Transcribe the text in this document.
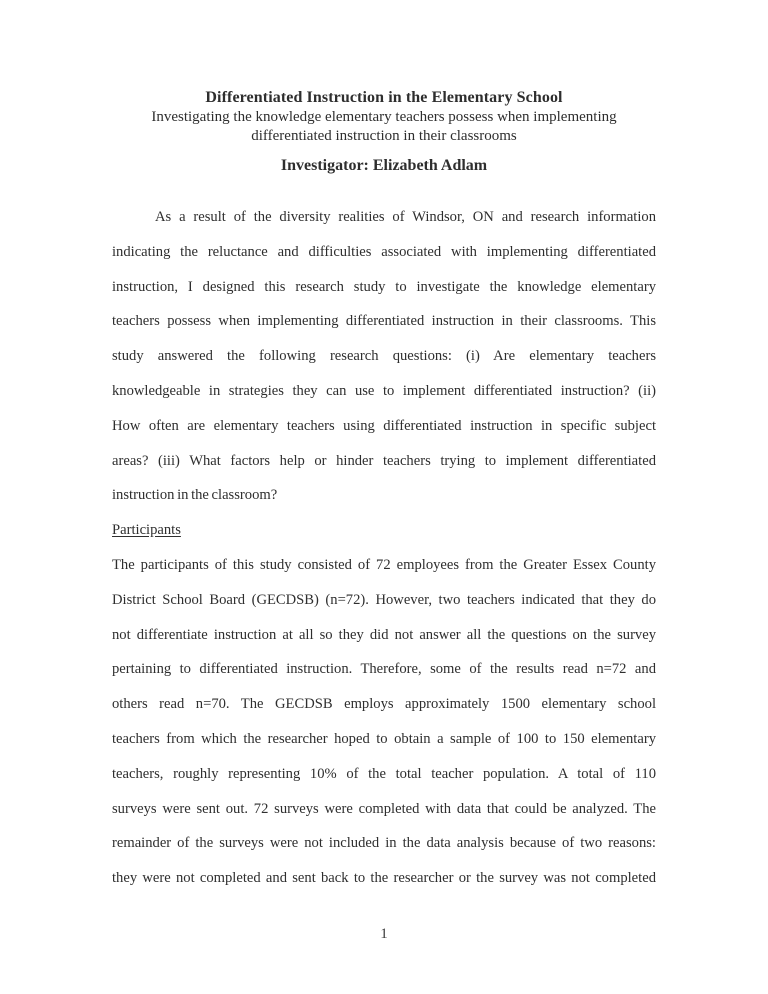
Differentiated Instruction in the Elementary School
Investigating the knowledge elementary teachers possess when implementing
differentiated instruction in their classrooms
Investigator: Elizabeth Adlam
As a result of the diversity realities of Windsor, ON and research information
indicating the reluctance and difficulties associated with implementing differentiated
instruction, I designed this research study to investigate the knowledge elementary
teachers possess when implementing differentiated instruction in their classrooms. This
study answered the following research questions: (i) Are elementary teachers
knowledgeable in strategies they can use to implement differentiated instruction? (ii)
How often are elementary teachers using differentiated instruction in specific subject
areas? (iii) What factors help or hinder teachers trying to implement differentiated
instruction in the classroom?
Participants
The participants of this study consisted of 72 employees from the Greater Essex County
District School Board (GECDSB) (n=72). However, two teachers indicated that they do
not differentiate instruction at all so they did not answer all the questions on the survey
pertaining to differentiated instruction. Therefore, some of the results read n=72 and
others read n=70. The GECDSB employs approximately 1500 elementary school
teachers from which the researcher hoped to obtain a sample of 100 to 150 elementary
teachers, roughly representing 10% of the total teacher population. A total of 110
surveys were sent out. 72 surveys were completed with data that could be analyzed. The
remainder of the surveys were not included in the data analysis because of two reasons:
they were not completed and sent back to the researcher or the survey was not completed
1
